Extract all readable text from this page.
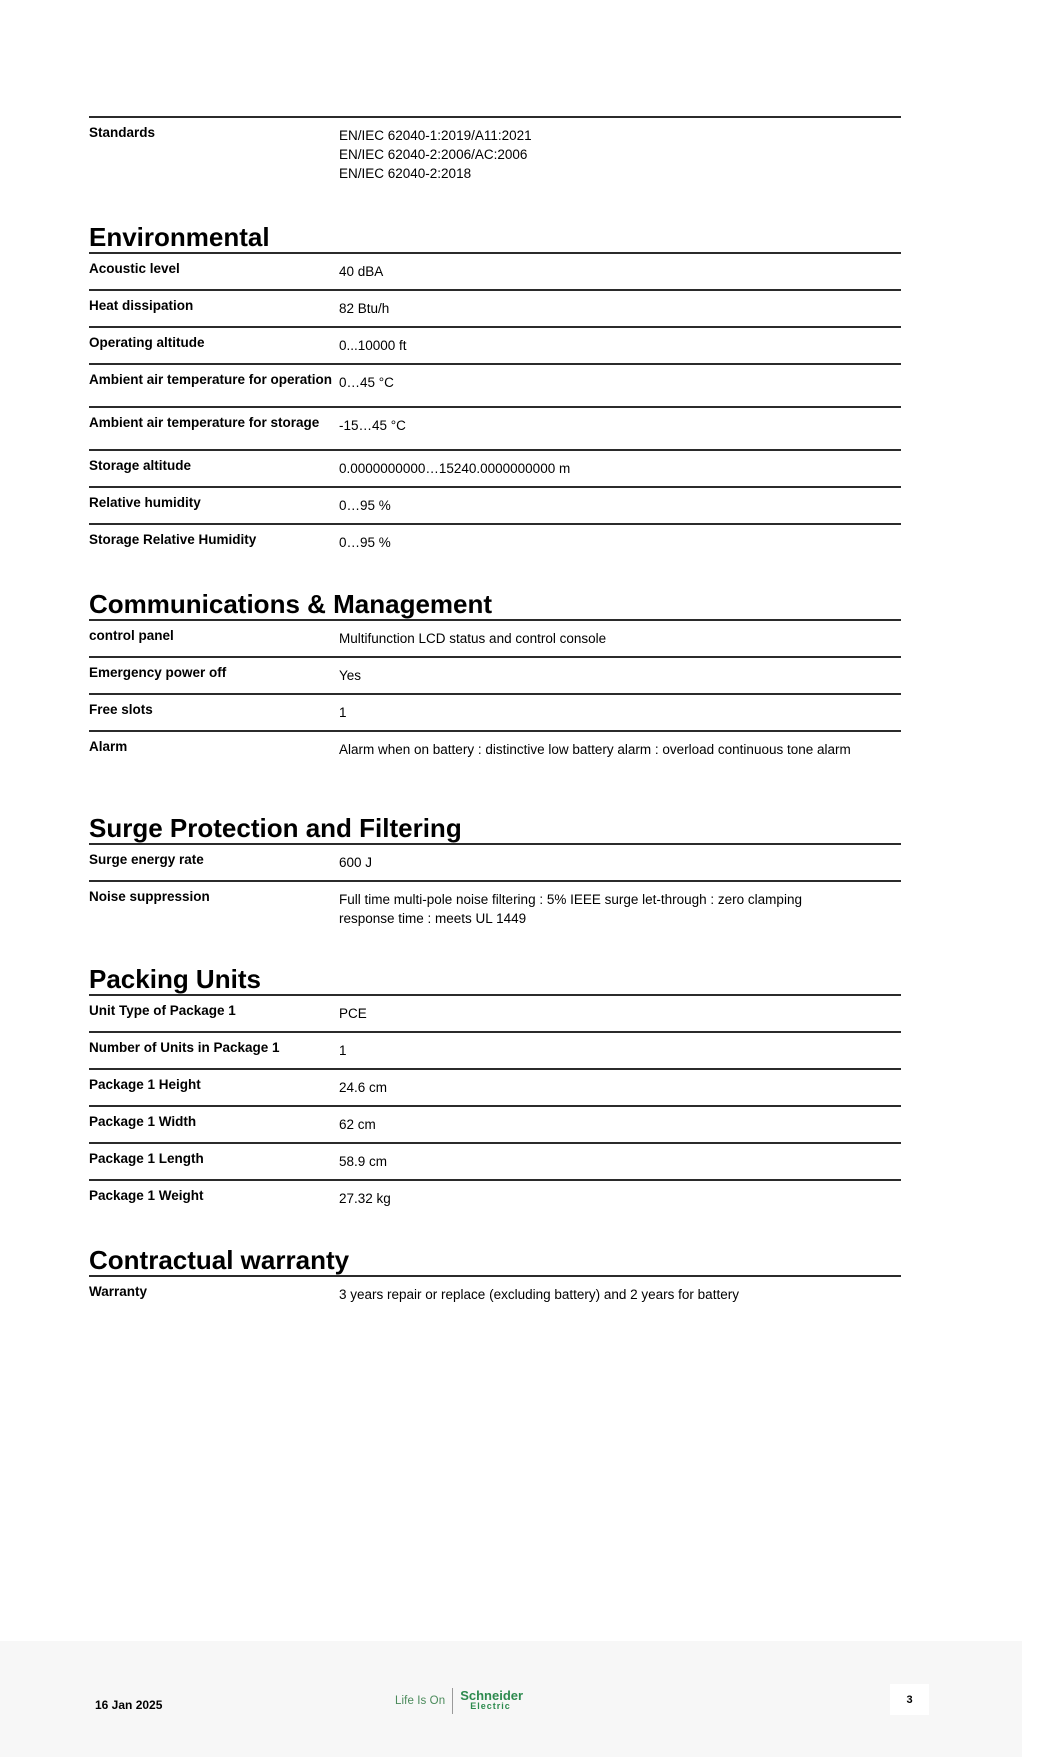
Standards	EN/IEC 62040-1:2019/A11:2021
EN/IEC 62040-2:2006/AC:2006
EN/IEC 62040-2:2018
Environmental
Acoustic level	40 dBA
Heat dissipation	82 Btu/h
Operating altitude	0...10000 ft
Ambient air temperature for operation 0…45 °C
Ambient air temperature for storage	-15…45 °C
Storage altitude	0.0000000000…15240.0000000000 m
Relative humidity	0…95 %
Storage Relative Humidity	0…95 %
Communications & Management
control panel	Multifunction LCD status and control console
Emergency power off	Yes
Free slots	1
Alarm	Alarm when on battery : distinctive low battery alarm : overload continuous tone alarm
Surge Protection and Filtering
Surge energy rate	600 J
Noise suppression	Full time multi-pole noise filtering : 5% IEEE surge let-through : zero clamping response time : meets UL 1449
Packing Units
Unit Type of Package 1	PCE
Number of Units in Package 1	1
Package 1 Height	24.6 cm
Package 1 Width	62 cm
Package 1 Length	58.9 cm
Package 1 Weight	27.32 kg
Contractual warranty
Warranty	3 years repair or replace (excluding battery) and 2 years for battery
16 Jan 2025	Life Is On Schneider
Electric
3
